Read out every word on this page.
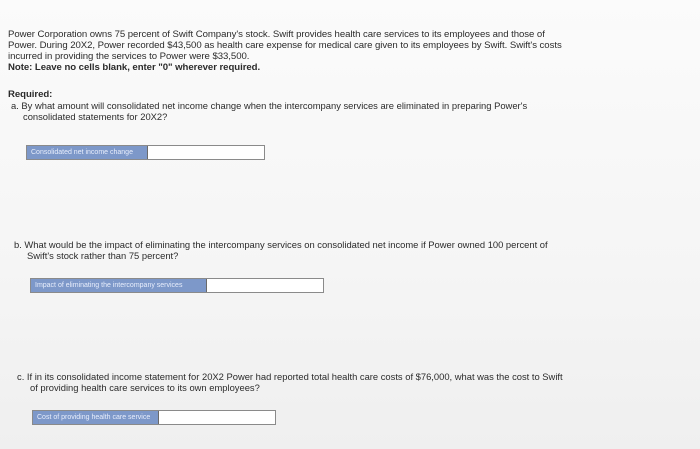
Power Corporation owns 75 percent of Swift Company's stock. Swift provides health care services to its employees and those of
Power. During 20X2, Power recorded $43,500 as health care expense for medical care given to its employees by Swift. Swift's costs
incurred in providing the services to Power were $33,500.
Note: Leave no cells blank, enter "0" wherever required.
Required:
a. By what amount will consolidated net income change when the intercompany services are eliminated in preparing Power's
consolidated statements for 20X2?
Consolidated net income change
b. What would be the impact of eliminating the intercompany services on consolidated net income if Power owned 100 percent of
Swift's stock rather than 75 percent?
Impact of eliminating the intercompany services
c. If in its consolidated income statement for 20X2 Power had reported total health care costs of $76,000, what was the cost to Swift
of providing health care services to its own employees?
Cost of providing health care service
